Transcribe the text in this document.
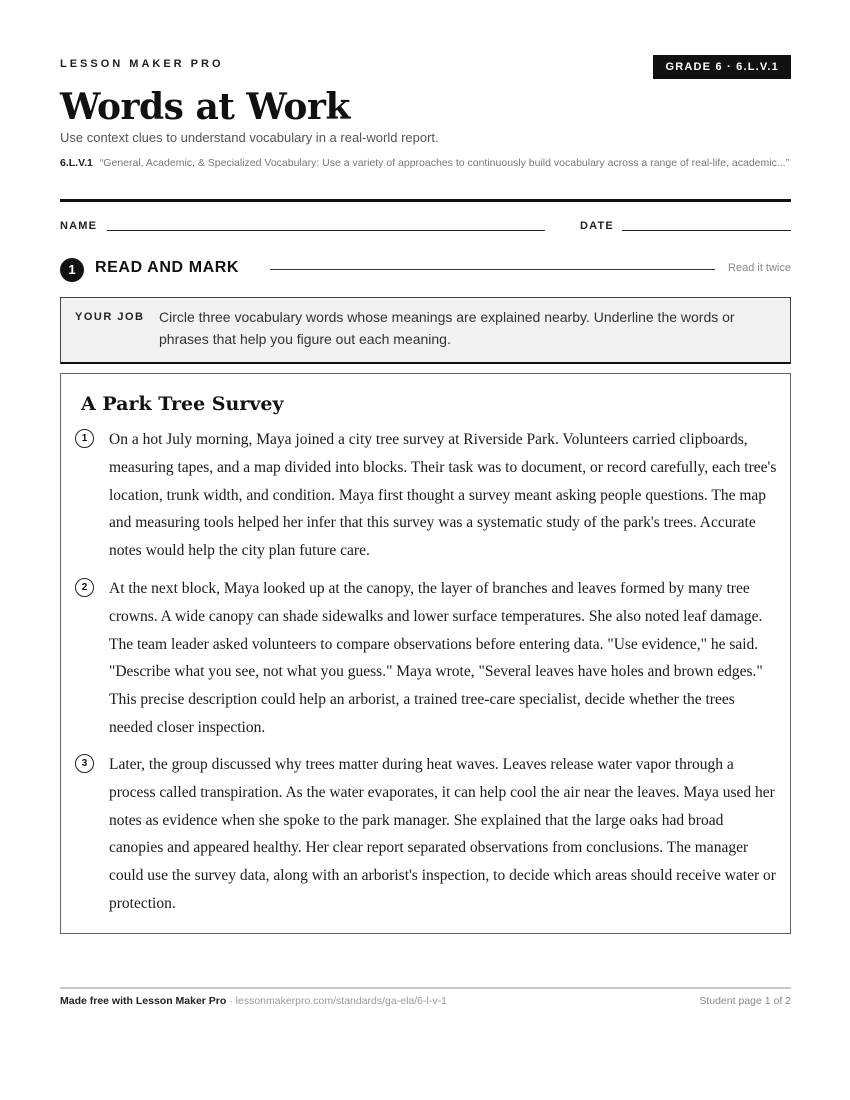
LESSON MAKER PRO	GRADE 6 · 6.L.V.1
Words at Work
Use context clues to understand vocabulary in a real-world report.
6.L.V.1 “General, Academic, & Specialized Vocabulary: Use a variety of approaches to continuously build vocabulary across a range of real-life, academic...”
NAME	DATE
1	READ AND MARK	Read it twice
YOUR JOB Circle three vocabulary words whose meanings are explained nearby. Underline the words or phrases that help you figure out each meaning.
A Park Tree Survey
1	On a hot July morning, Maya joined a city tree survey at Riverside Park. Volunteers carried clipboards, measuring tapes, and a map divided into blocks. Their task was to document, or record carefully, each tree's location, trunk width, and condition. Maya first thought a survey meant asking people questions. The map and measuring tools helped her infer that this survey was a systematic study of the park's trees. Accurate notes would help the city plan future care.

2	At the next block, Maya looked up at the canopy, the layer of branches and leaves formed by many tree crowns. A wide canopy can shade sidewalks and lower surface temperatures. She also noted leaf damage. The team leader asked volunteers to compare observations before entering data. "Use evidence," he said. "Describe what you see, not what you guess." Maya wrote, "Several leaves have holes and brown edges." This precise description could help an arborist, a trained tree-care specialist, decide whether the trees needed closer inspection.

3	Later, the group discussed why trees matter during heat waves. Leaves release water vapor through a process called transpiration. As the water evaporates, it can help cool the air near the leaves. Maya used her notes as evidence when she spoke to the park manager. She explained that the large oaks had broad canopies and appeared healthy. Her clear report separated observations from conclusions. The manager could use the survey data, along with an arborist's inspection, to decide which areas should receive water or protection.

Made free with Lesson Maker Pro · lessonmakerpro.com/standards/ga-ela/6-l-v-1	Student page 1 of 2
